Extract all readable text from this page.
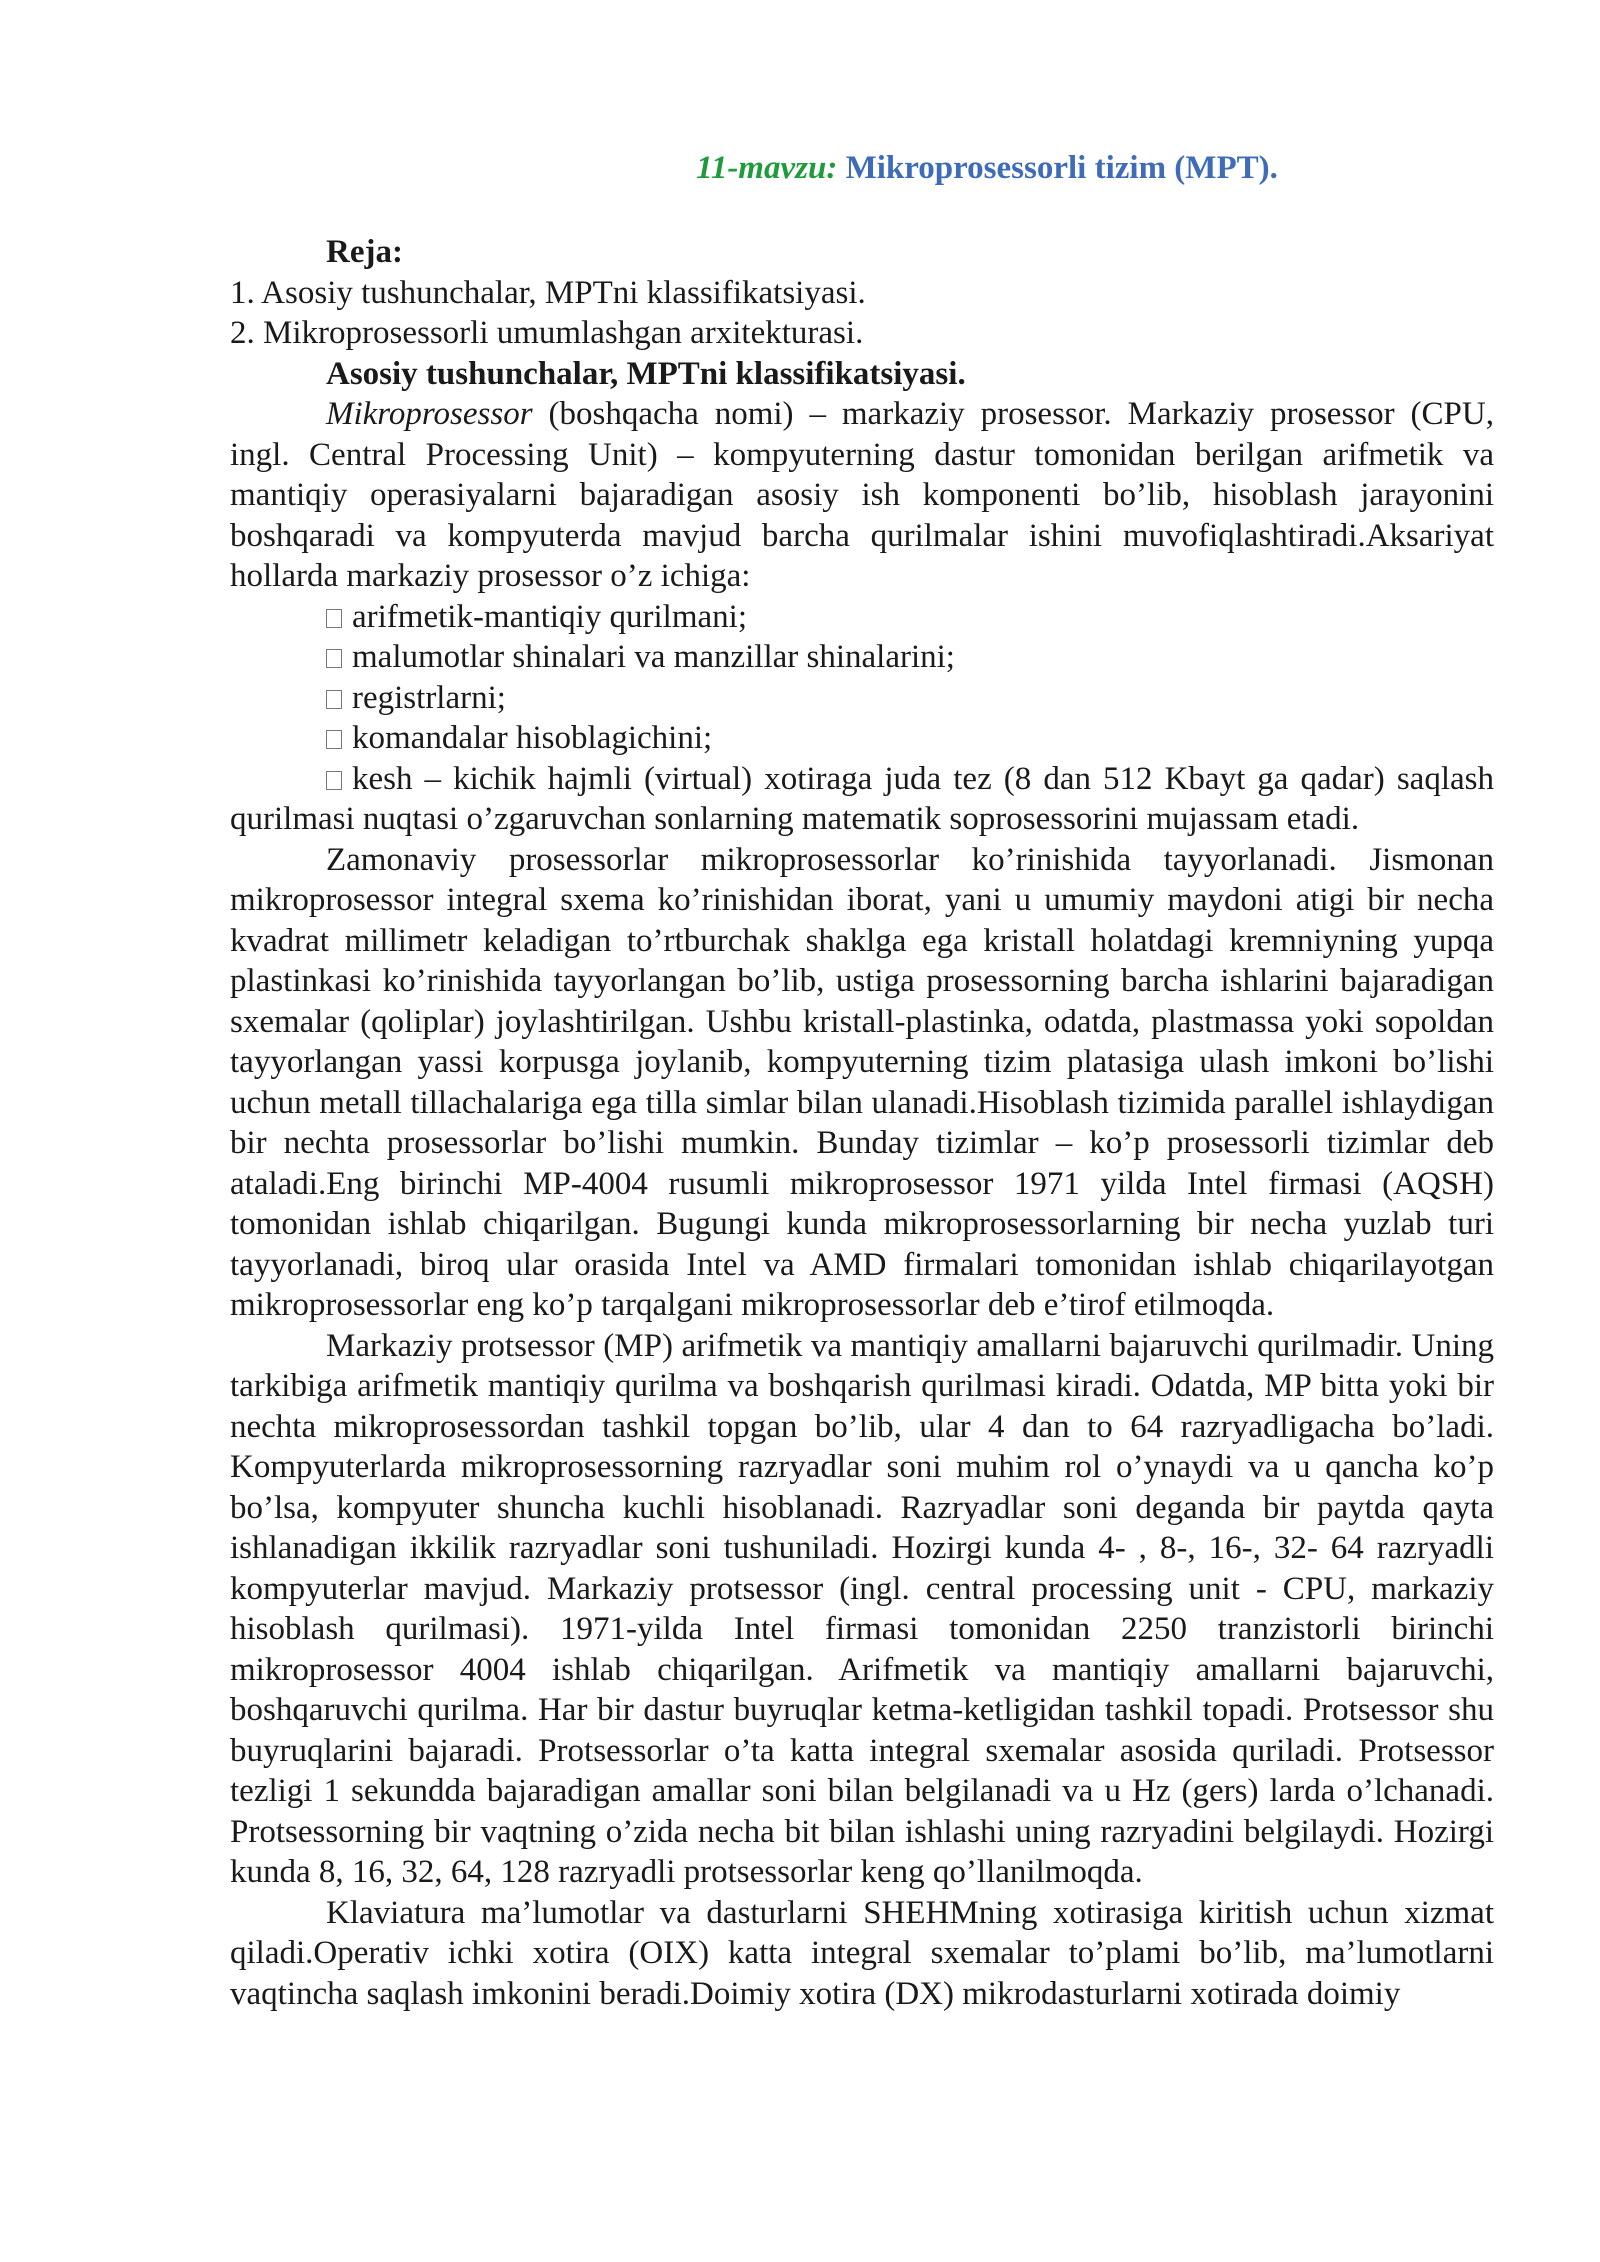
11-mavzu: Mikroprosessorli tizim (MPT).
Reja:
1. Asosiy tushunchalar, MPTni klassifikatsiyasi.
2. Mikroprosessorli umumlashgan arxitekturasi.
Asosiy tushunchalar, MPTni klassifikatsiyasi.

Mikroprosessor (boshqacha nomi) – markaziy prosessor. Markaziy prosessor (CPU, ingl. Central Processing Unit) – kompyuterning dastur tomonidan berilgan arifmetik va mantiqiy operasiyalarni bajaradigan asosiy ish komponenti bo’lib, hisoblash jarayonini boshqaradi va kompyuterda mavjud barcha qurilmalar ishini muvofiqlashtiradi.Aksariyat hollarda markaziy prosessor o’z ichiga:

arifmetik-mantiqiy qurilmani;
malumotlar shinalari va manzillar shinalarini;
registrlarni;
komandalar hisoblagichini;
kesh – kichik hajmli (virtual) xotiraga juda tez (8 dan 512 Kbayt ga qadar) saqlash qurilmasi nuqtasi o’zgaruvchan sonlarning matematik soprosessorini mujassam etadi.

Zamonaviy prosessorlar mikroprosessorlar ko’rinishida tayyorlanadi. Jismonan mikroprosessor integral sxema ko’rinishidan iborat, yani u umumiy maydoni atigi bir necha kvadrat millimetr keladigan to’rtburchak shaklga ega kristall holatdagi kremniyning yupqa plastinkasi ko’rinishida tayyorlangan bo’lib, ustiga prosessorning barcha ishlarini bajaradigan sxemalar (qoliplar) joylashtirilgan. Ushbu kristall-plastinka, odatda, plastmassa yoki sopoldan tayyorlangan yassi korpusga joylanib, kompyuterning tizim platasiga ulash imkoni bo’lishi uchun metall tillachalariga ega tilla simlar bilan ulanadi.Hisoblash tizimida parallel ishlaydigan bir nechta prosessorlar bo’lishi mumkin. Bunday tizimlar – ko’p prosessorli tizimlar deb ataladi.Eng birinchi MP-4004 rusumli mikroprosessor 1971 yilda Intel firmasi (AQSH) tomonidan ishlab chiqarilgan. Bugungi kunda mikroprosessorlarning bir necha yuzlab turi tayyorlanadi, biroq ular orasida Intel va AMD firmalari tomonidan ishlab chiqarilayotgan mikroprosessorlar eng ko’p tarqalgani mikroprosessorlar deb e’tirof etilmoqda.

Markaziy protsessor (MP) arifmetik va mantiqiy amallarni bajaruvchi qurilmadir. Uning tarkibiga arifmetik mantiqiy qurilma va boshqarish qurilmasi kiradi. Odatda, MP bitta yoki bir nechta mikroprosessordan tashkil topgan bo’lib, ular 4 dan to 64 razryadligacha bo’ladi. Kompyuterlarda mikroprosessorning razryadlar soni muhim rol o’ynaydi va u qancha ko’p bo’lsa, kompyuter shuncha kuchli hisoblanadi. Razryadlar soni deganda bir paytda qayta ishlanadigan ikkilik razryadlar soni tushuniladi. Hozirgi kunda 4- , 8-, 16-, 32- 64 razryadli kompyuterlar mavjud. Markaziy protsessor (ingl. central processing unit - CPU, markaziy hisoblash qurilmasi). 1971-yilda Intel firmasi tomonidan 2250 tranzistorli birinchi mikroprosessor 4004 ishlab chiqarilgan. Arifmetik va mantiqiy amallarni bajaruvchi, boshqaruvchi qurilma. Har bir dastur buyruqlar ketma-ketligidan tashkil topadi. Protsessor shu buyruqlarini bajaradi. Protsessorlar o’ta katta integral sxemalar asosida quriladi. Protsessor tezligi 1 sekundda bajaradigan amallar soni bilan belgilanadi va u Hz (gers) larda o’lchanadi. Protsessorning bir vaqtning o’zida necha bit bilan ishlashi uning razryadini belgilaydi. Hozirgi kunda 8, 16, 32, 64, 128 razryadli protsessorlar keng qo’llanilmoqda.

Klaviatura ma’lumotlar va dasturlarni SHEHMning xotirasiga kiritish uchun xizmat qiladi.Operativ ichki xotira (OIX) katta integral sxemalar to’plami bo’lib, ma’lumotlarni vaqtincha saqlash imkonini beradi.Doimiy xotira (DX) mikrodasturlarni xotirada doimiy
